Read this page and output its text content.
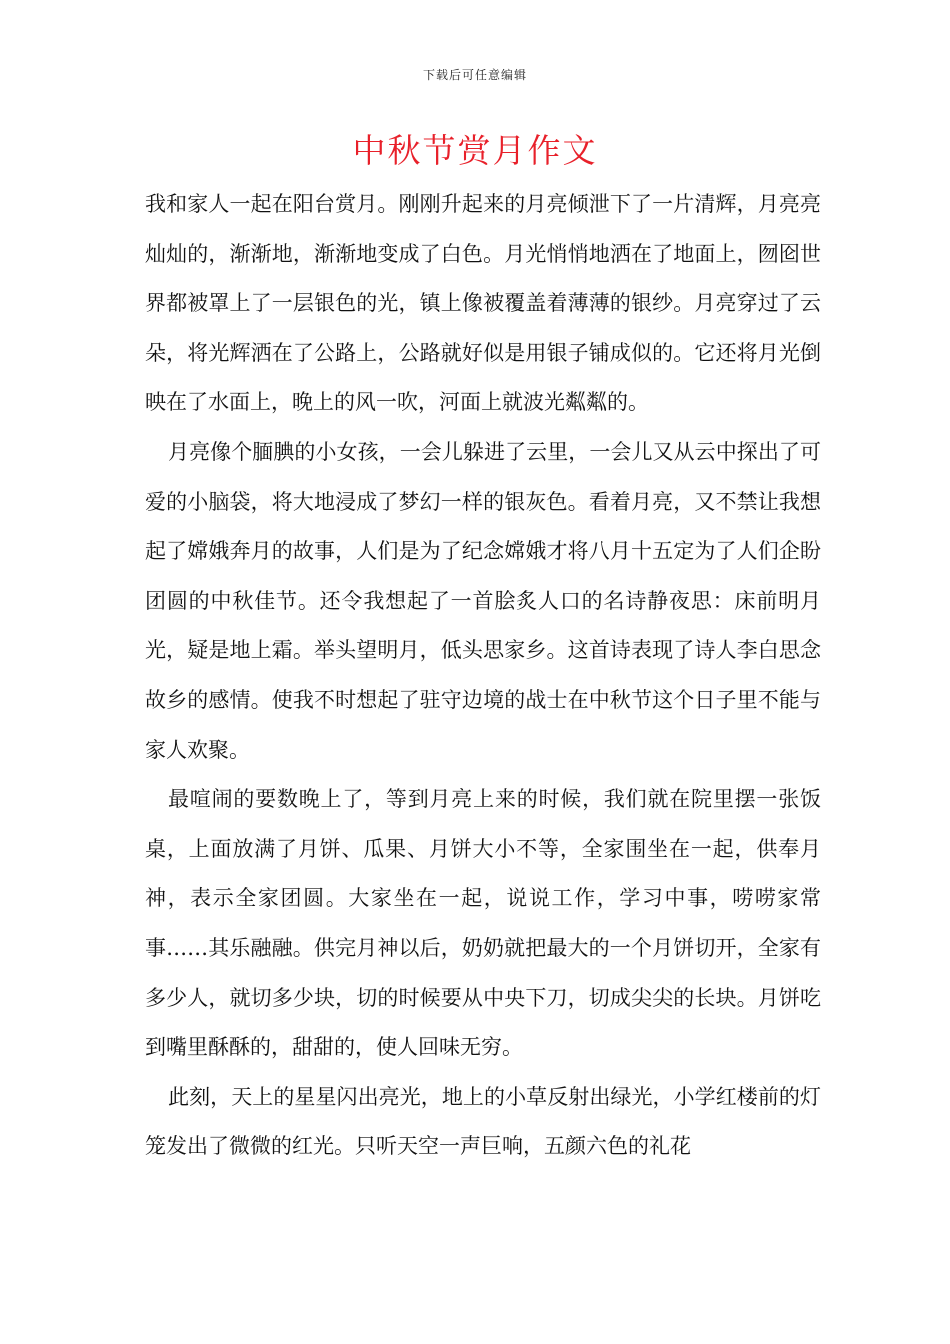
下载后可任意编辑
中秋节赏月作文

我和家人一起在阳台赏月。刚刚升起来的月亮倾泄下了一片清辉，月亮亮灿灿的，渐渐地，渐渐地变成了白色。月光悄悄地洒在了地面上，囫囵世界都被罩上了一层银色的光，镇上像被覆盖着薄薄的银纱。月亮穿过了云朵，将光辉洒在了公路上，公路就好似是用银子铺成似的。它还将月光倒映在了水面上，晚上的风一吹，河面上就波光粼粼的。

月亮像个腼腆的小女孩，一会儿躲进了云里，一会儿又从云中探出了可爱的小脑袋，将大地浸成了梦幻一样的银灰色。看着月亮，又不禁让我想起了嫦娥奔月的故事，人们是为了纪念嫦娥才将八月十五定为了人们企盼团圆的中秋佳节。还令我想起了一首脍炙人口的名诗静夜思：床前明月光，疑是地上霜。举头望明月，低头思家乡。这首诗表现了诗人李白思念故乡的感情。使我不时想起了驻守边境的战士在中秋节这个日子里不能与家人欢聚。

最喧闹的要数晚上了，等到月亮上来的时候，我们就在院里摆一张饭桌，上面放满了月饼、瓜果、月饼大小不等，全家围坐在一起，供奉月神，表示全家团圆。大家坐在一起，说说工作，学习中事，唠唠家常事……其乐融融。供完月神以后，奶奶就把最大的一个月饼切开，全家有多少人，就切多少块，切的时候要从中央下刀，切成尖尖的长块。月饼吃到嘴里酥酥的，甜甜的，使人回味无穷。

此刻，天上的星星闪出亮光，地上的小草反射出绿光，小学红楼前的灯笼发出了微微的红光。只听天空一声巨响，五颜六色的礼花
